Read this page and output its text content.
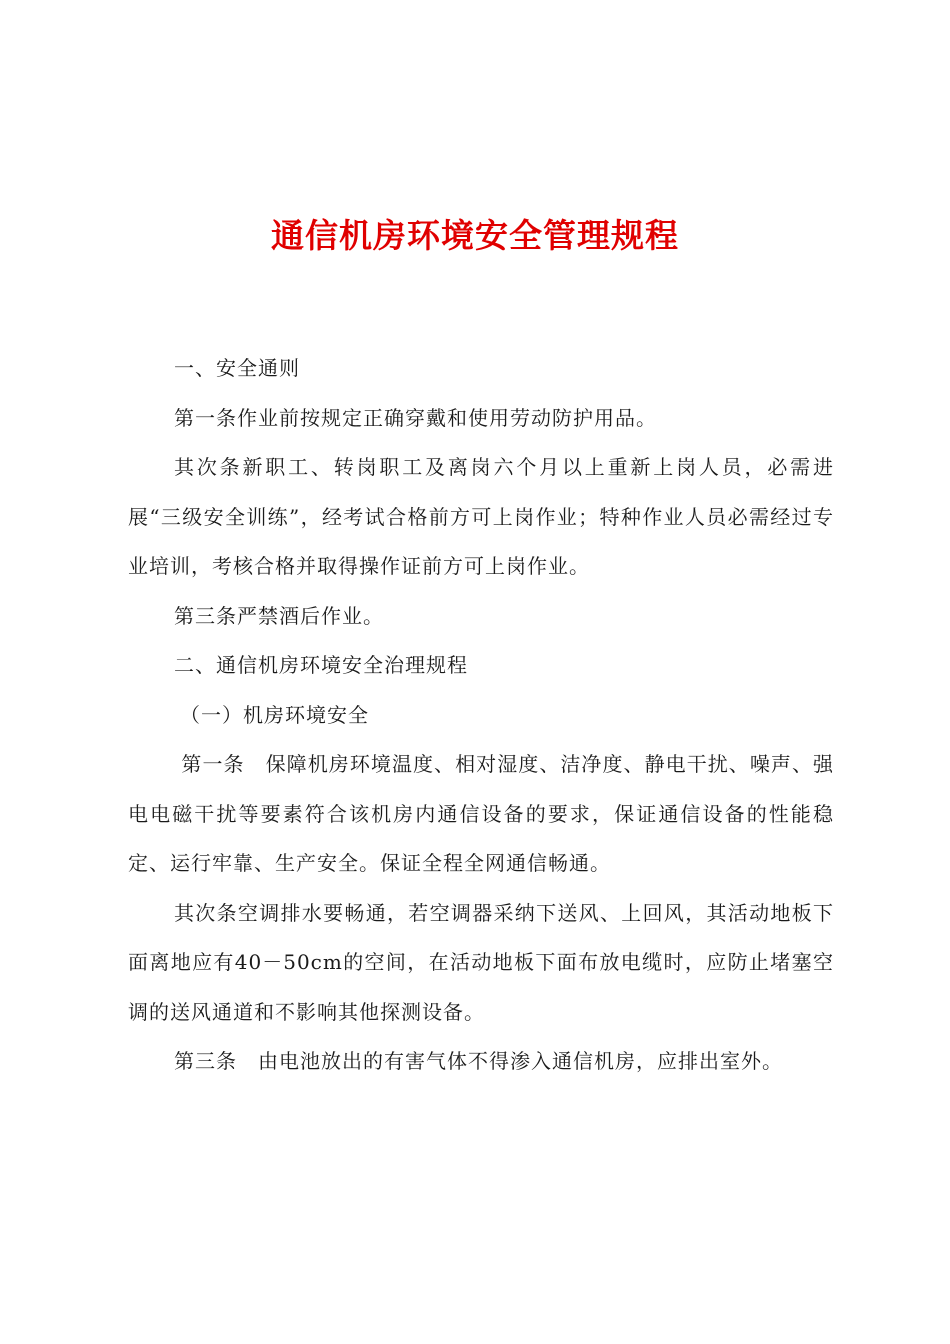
通信机房环境安全管理规程

一、安全通则

第一条作业前按规定正确穿戴和使用劳动防护用品。

其次条新职工、转岗职工及离岗六个月以上重新上岗人员，必需进展“三级安全训练”，经考试合格前方可上岗作业；特种作业人员必需经过专业培训，考核合格并取得操作证前方可上岗作业。

第三条严禁酒后作业。

二、通信机房环境安全治理规程

（一）机房环境安全

第一条　保障机房环境温度、相对湿度、洁净度、静电干扰、噪声、强电电磁干扰等要素符合该机房内通信设备的要求，保证通信设备的性能稳定、运行牢靠、生产安全。保证全程全网通信畅通。

其次条空调排水要畅通，若空调器采纳下送风、上回风，其活动地板下面离地应有40－50cm的空间，在活动地板下面布放电缆时，应防止堵塞空调的送风通道和不影响其他探测设备。

第三条　由电池放出的有害气体不得渗入通信机房，应排出室外。
